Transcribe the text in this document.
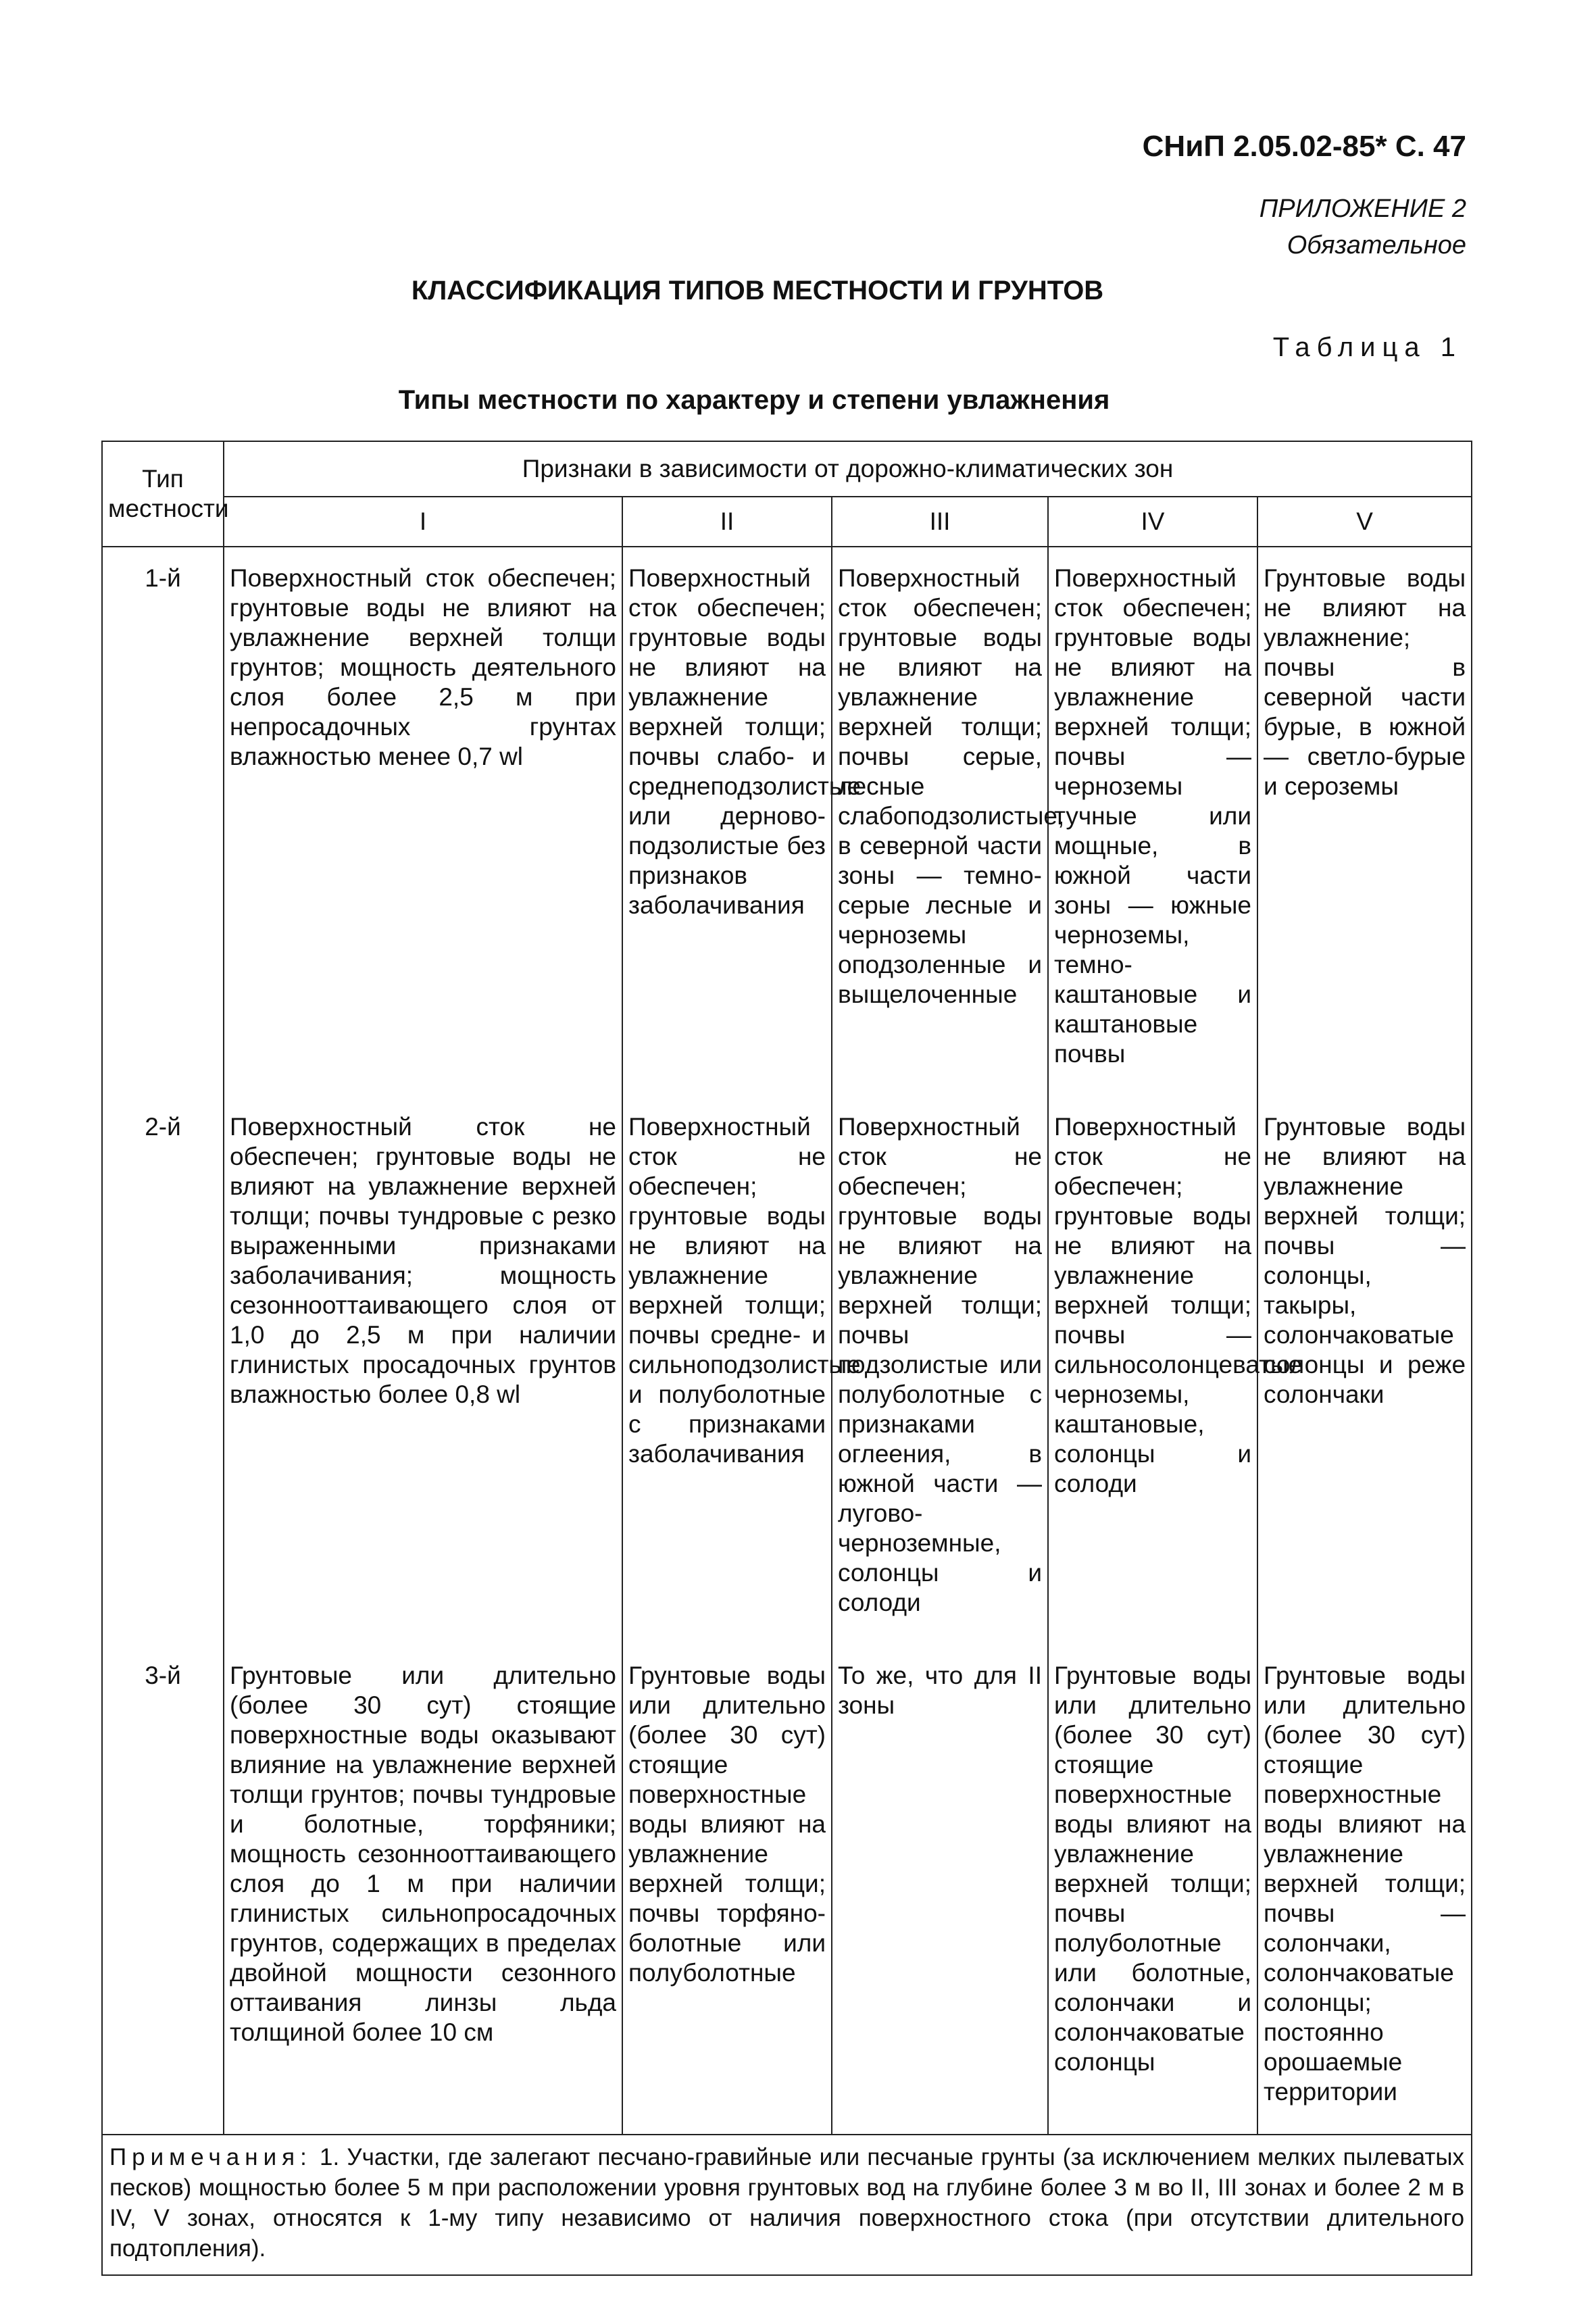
СНиП 2.05.02-85* С. 47
ПРИЛОЖЕНИЕ 2
Обязательное
КЛАССИФИКАЦИЯ ТИПОВ МЕСТНОСТИ И ГРУНТОВ
Таблица 1
Типы местности по характеру и степени увлажнения
Тип местности	Признаки в зависимости от дорожно-климатических зон				
	I	II	III	IV	V
1-й	Поверхностный сток обеспечен; грунтовые воды не влияют на увлажнение верхней толщи грунтов; мощность деятельного слоя более 2,5 м при непросадочных грунтах влажностью менее 0,7 wl	Поверхностный сток обеспечен; грунтовые воды не влияют на увлажнение верхней толщи; почвы слабо- и среднеподзолистые или дерново-подзолистые без признаков заболачивания	Поверхностный сток обеспечен; грунтовые воды не влияют на увлажнение верхней толщи; почвы серые, лесные слабоподзолистые, в северной части зоны — темно-серые лесные и черноземы оподзоленные и выщелоченные	Поверхностный сток обеспечен; грунтовые воды не влияют на увлажнение верхней толщи; почвы — черноземы тучные или мощные, в южной части зоны — южные черноземы, темно-каштановые и каштановые почвы	Грунтовые воды не влияют на увлажнение; почвы в северной части бурые, в южной — светло-бурые и сероземы
2-й	Поверхностный сток не обеспечен; грунтовые воды не влияют на увлажнение верхней толщи; почвы тундровые с резко выраженными признаками заболачивания; мощность сезоннооттаивающего слоя от 1,0 до 2,5 м при наличии глинистых просадочных грунтов влажностью более 0,8 wl	Поверхностный сток не обеспечен; грунтовые воды не влияют на увлажнение верхней толщи; почвы средне- и сильноподзолистые и полуболотные с признаками заболачивания	Поверхностный сток не обеспечен; грунтовые воды не влияют на увлажнение верхней толщи; почвы подзолистые или полуболотные с признаками оглеения, в южной части — лугово-черноземные, солонцы и солоди	Поверхностный сток не обеспечен; грунтовые воды не влияют на увлажнение верхней толщи; почвы — сильносолонцеватые черноземы, каштановые, солонцы и солоди	Грунтовые воды не влияют на увлажнение верхней толщи; почвы — солонцы, такыры, солончаковатые солонцы и реже солончаки
3-й	Грунтовые или длительно (более 30 сут) стоящие поверхностные воды оказывают влияние на увлажнение верхней толщи грунтов; почвы тундровые и болотные, торфяники; мощность сезоннооттаивающего слоя до 1 м при наличии глинистых сильнопросадочных грунтов, содержащих в пределах двойной мощности сезонного оттаивания линзы льда толщиной более 10 см	Грунтовые воды или длительно (более 30 сут) стоящие поверхностные воды влияют на увлажнение верхней толщи; почвы торфяно-болотные или полуболотные	То же, что для II зоны	Грунтовые воды или длительно (более 30 сут) стоящие поверхностные воды влияют на увлажнение верхней толщи; почвы полуболотные или болотные, солончаки и солончаковатые солонцы	Грунтовые воды или длительно (более 30 сут) стоящие поверхностные воды влияют на увлажнение верхней толщи; почвы — солончаки, солончаковатые солонцы; постоянно орошаемые территории
Примечания: 1. Участки, где залегают песчано-гравийные или песчаные грунты (за исключением мелких пылеватых песков) мощностью более 5 м при расположении уровня грунтовых вод на глубине более 3 м во II, III зонах и более 2 м в IV, V зонах, относятся к 1-му типу независимо от наличия поверхностного стока (при отсутствии длительного подтопления).					
